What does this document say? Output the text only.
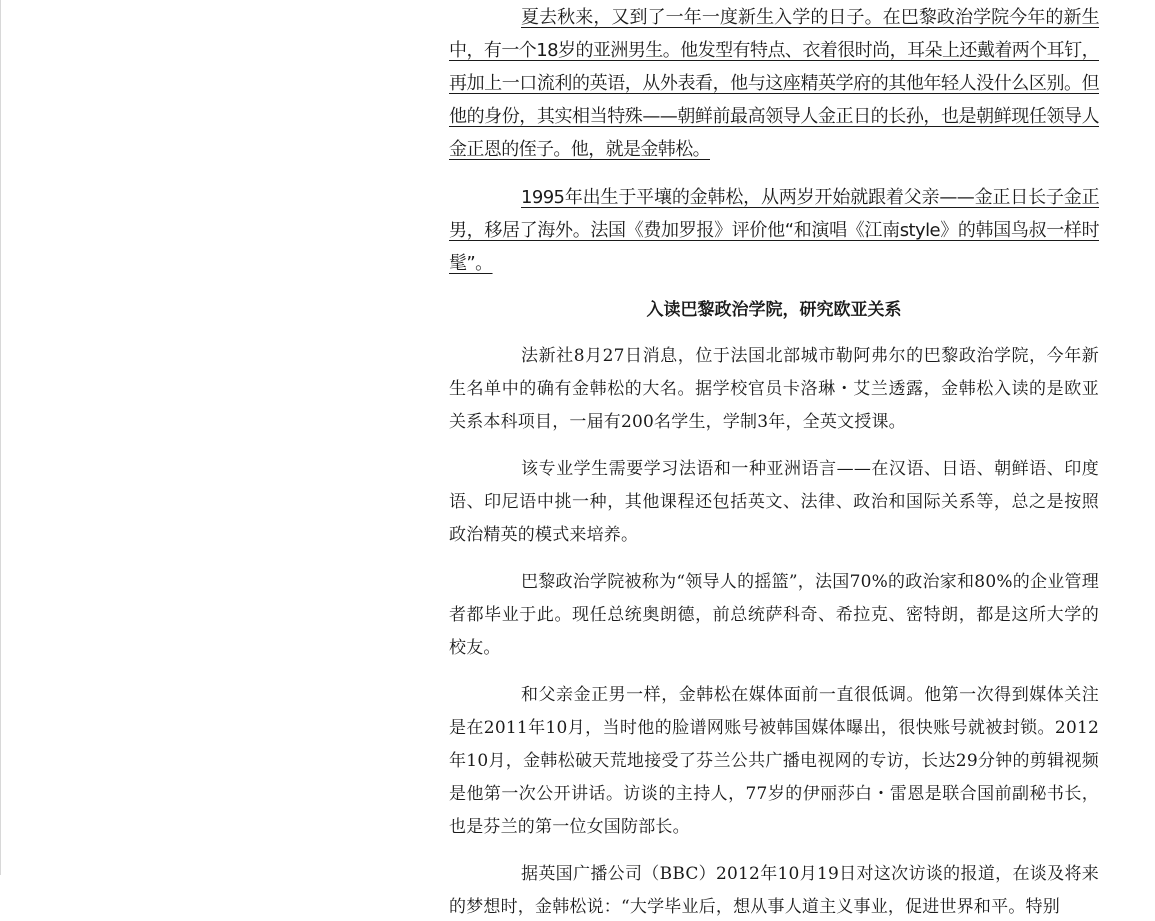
夏去秋来，又到了一年一度新生入学的日子。在巴黎政治学院今年的新生中，有一个18岁的亚洲男生。他发型有特点、衣着很时尚，耳朵上还戴着两个耳钉，再加上一口流利的英语，从外表看，他与这座精英学府的其他年轻人没什么区别。但他的身份，其实相当特殊——朝鲜前最高领导人金正日的长孙，也是朝鲜现任领导人金正恩的侄子。他，就是金韩松。

1995年出生于平壤的金韩松，从两岁开始就跟着父亲——金正日长子金正男，移居了海外。法国《费加罗报》评价他“和演唱《江南style》的韩国鸟叔一样时髦”。

入读巴黎政治学院，研究欧亚关系

法新社8月27日消息，位于法国北部城市勒阿弗尔的巴黎政治学院，今年新生名单中的确有金韩松的大名。据学校官员卡洛琳・艾兰透露，金韩松入读的是欧亚关系本科项目，一届有200名学生，学制3年，全英文授课。

该专业学生需要学习法语和一种亚洲语言——在汉语、日语、朝鲜语、印度语、印尼语中挑一种，其他课程还包括英文、法律、政治和国际关系等，总之是按照政治精英的模式来培养。

巴黎政治学院被称为“领导人的摇篮”，法国70%的政治家和80%的企业管理者都毕业于此。现任总统奥朗德，前总统萨科奇、希拉克、密特朗，都是这所大学的校友。

和父亲金正男一样，金韩松在媒体面前一直很低调。他第一次得到媒体关注是在2011年10月，当时他的脸谱网账号被韩国媒体曝出，很快账号就被封锁。2012年10月，金韩松破天荒地接受了芬兰公共广播电视网的专访，长达29分钟的剪辑视频是他第一次公开讲话。访谈的主持人，77岁的伊丽莎白・雷恩是联合国前副秘书长，也是芬兰的第一位女国防部长。

据英国广播公司（BBC）2012年10月19日对这次访谈的报道，在谈及将来的梦想时，金韩松说：“大学毕业后，想从事人道主义事业，促进世界和平。特别
